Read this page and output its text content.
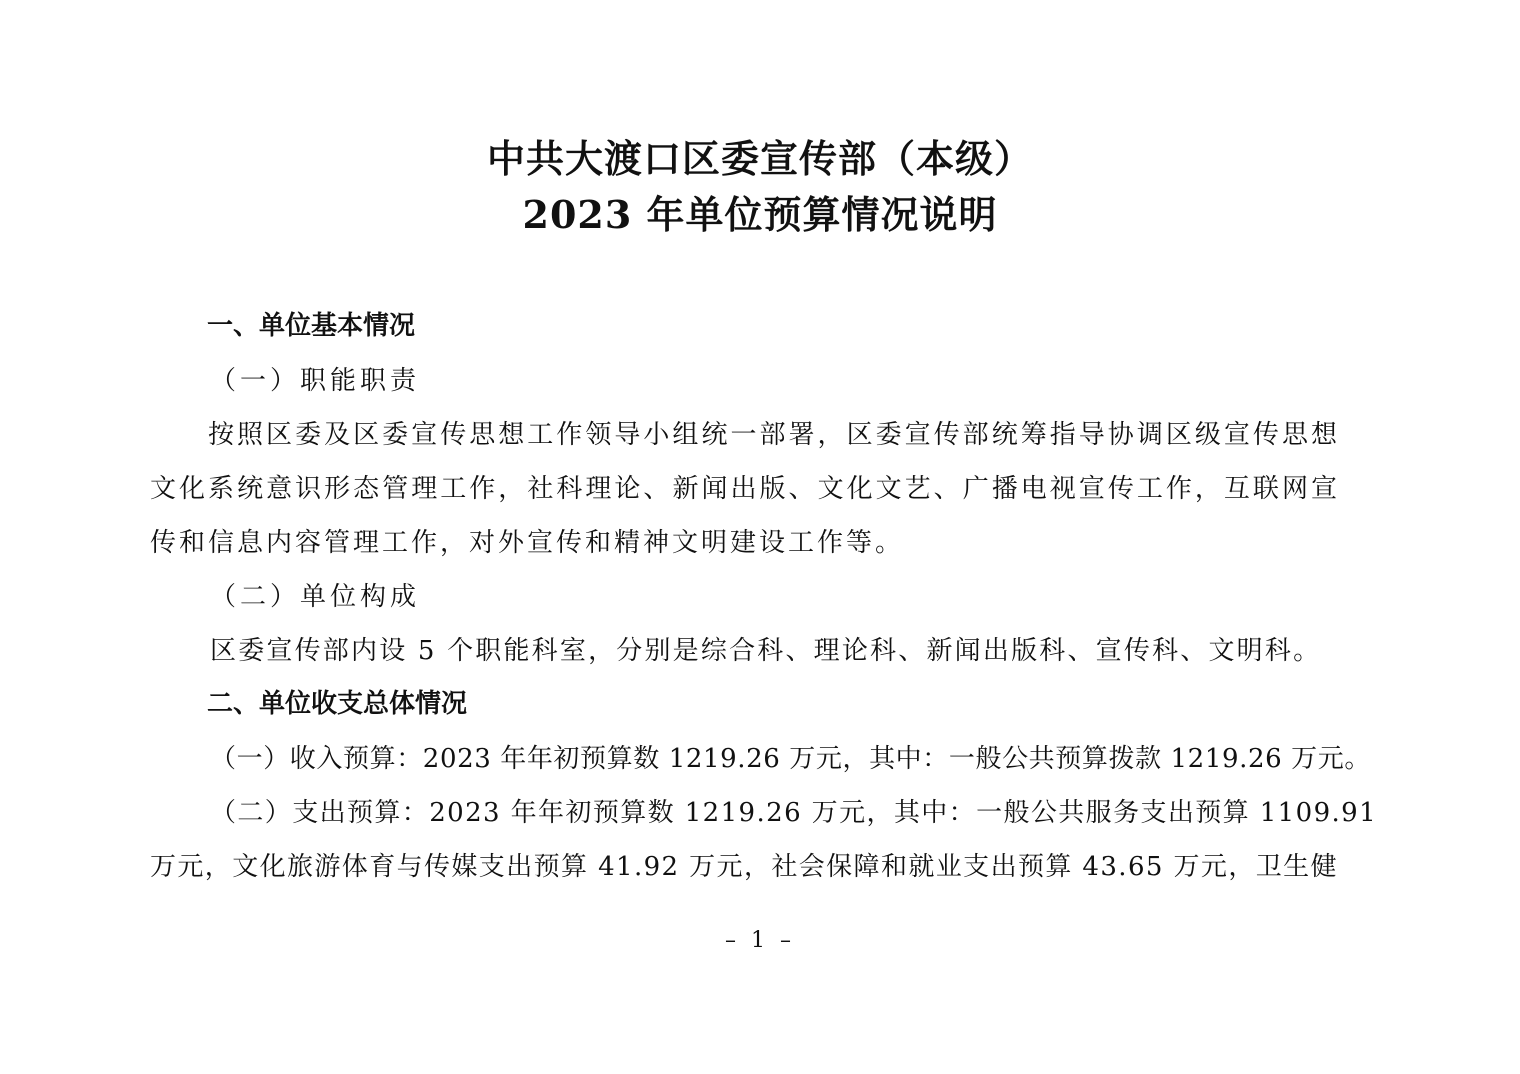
中共大渡口区委宣传部（本级）
2023 年单位预算情况说明
一、单位基本情况
（一）职能职责
按照区委及区委宣传思想工作领导小组统一部署，区委宣传部统筹指导协调区级宣传思想文化系统意识形态管理工作，社科理论、新闻出版、文化文艺、广播电视宣传工作，互联网宣传和信息内容管理工作，对外宣传和精神文明建设工作等。
（二）单位构成
区委宣传部内设 5 个职能科室，分别是综合科、理论科、新闻出版科、宣传科、文明科。
二、单位收支总体情况
（一）收入预算：2023 年年初预算数 1219.26 万元，其中：一般公共预算拨款 1219.26 万元。
（二）支出预算：2023 年年初预算数 1219.26 万元，其中：一般公共服务支出预算 1109.91
万元，文化旅游体育与传媒支出预算 41.92 万元，社会保障和就业支出预算 43.65 万元，卫生健
– 1 –
